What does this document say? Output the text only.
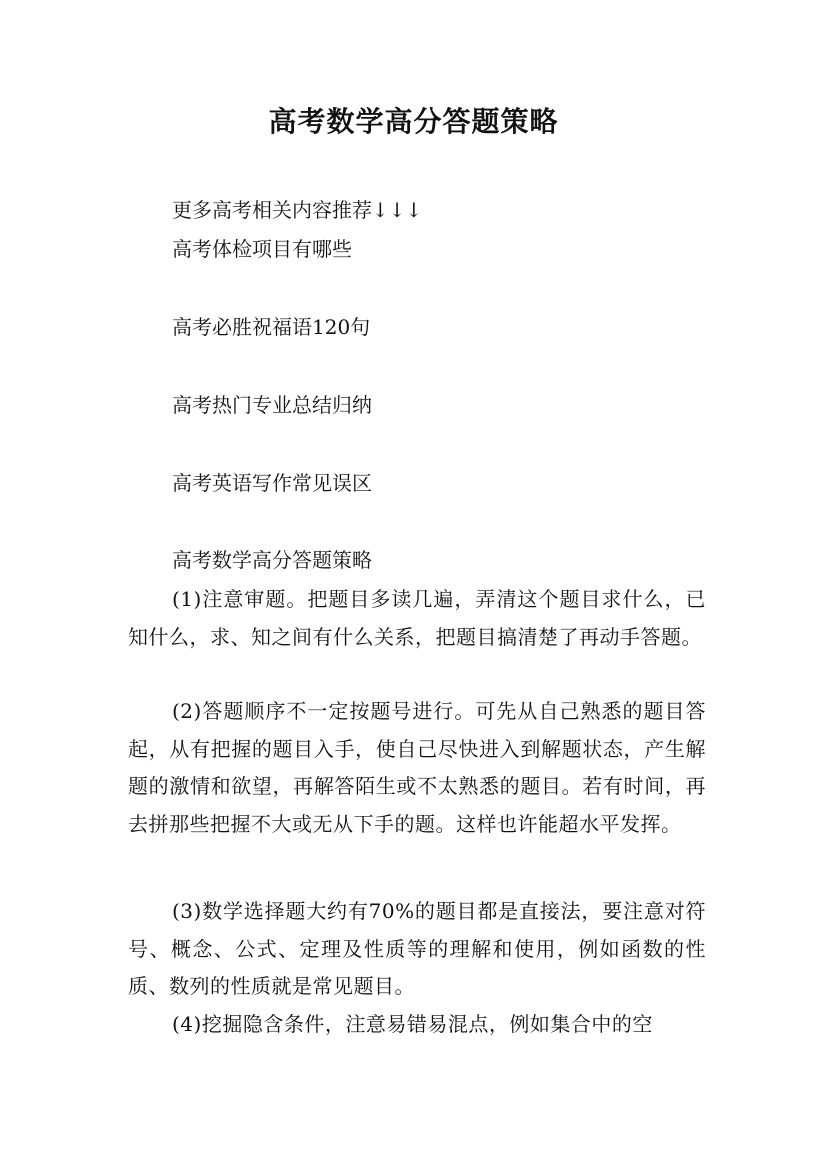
高考数学高分答题策略
更多高考相关内容推荐↓↓↓
高考体检项目有哪些
高考必胜祝福语120句
高考热门专业总结归纳
高考英语写作常见误区
高考数学高分答题策略
(1)注意审题。把题目多读几遍，弄清这个题目求什么，已知什么，求、知之间有什么关系，把题目搞清楚了再动手答题。
(2)答题顺序不一定按题号进行。可先从自己熟悉的题目答起，从有把握的题目入手，使自己尽快进入到解题状态，产生解题的激情和欲望，再解答陌生或不太熟悉的题目。若有时间，再去拼那些把握不大或无从下手的题。这样也许能超水平发挥。
(3)数学选择题大约有70%的题目都是直接法，要注意对符号、概念、公式、定理及性质等的理解和使用，例如函数的性质、数列的性质就是常见题目。
(4)挖掘隐含条件，注意易错易混点，例如集合中的空
